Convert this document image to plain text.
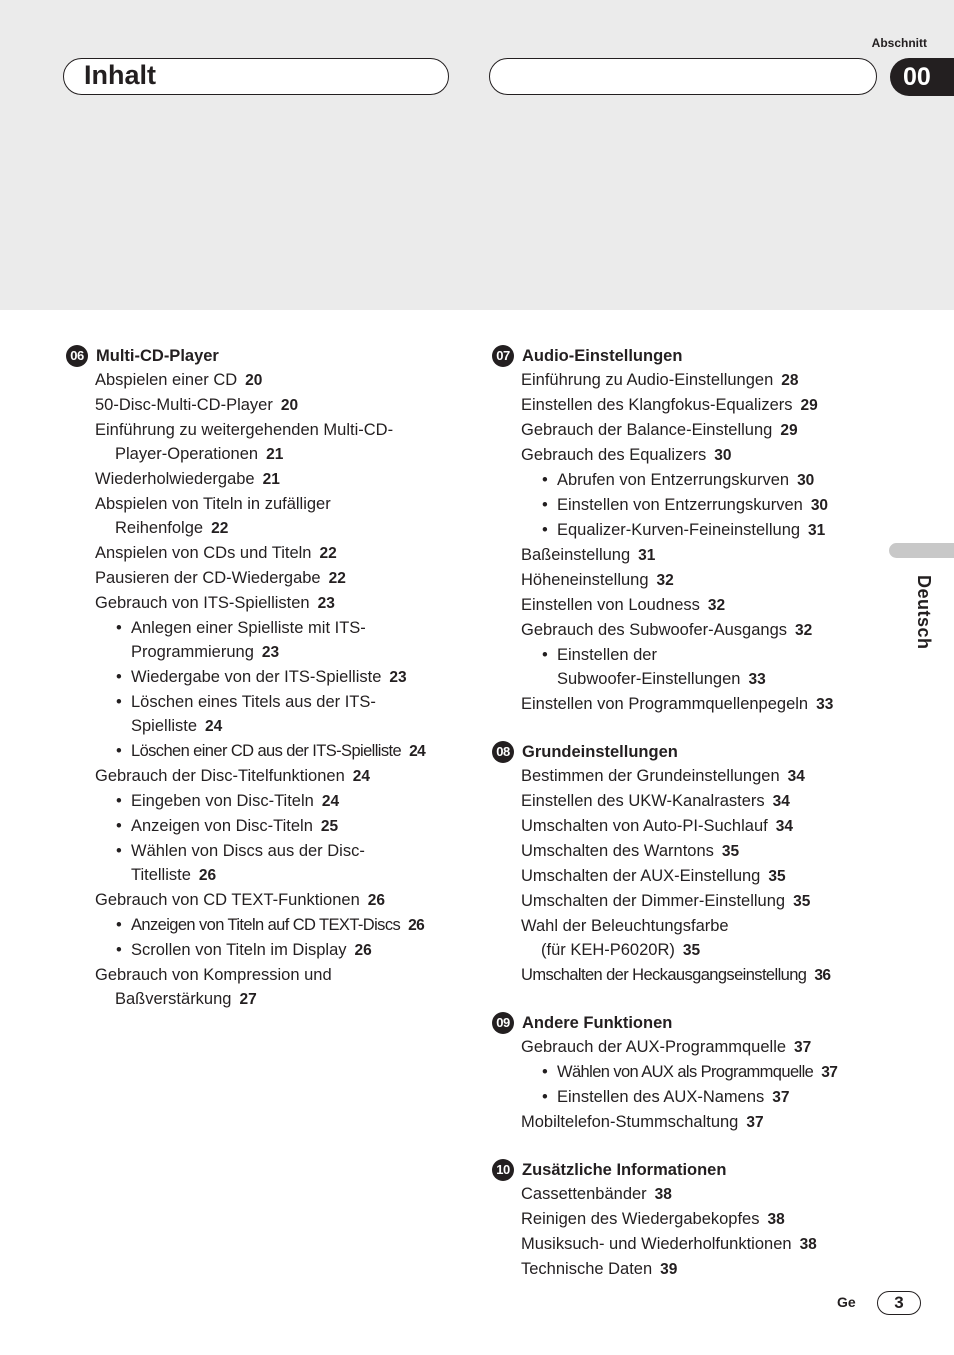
Abschnitt
Inhalt	00
Deutsch
06 Multi-CD-Player
Abspielen einer CD 20
50-Disc-Multi-CD-Player 20
Einführung zu weitergehenden Multi-CD-
Player-Operationen 21
Wiederholwiedergabe 21
Abspielen von Titeln in zufälliger
Reihenfolge 22
Anspielen von CDs und Titeln 22
Pausieren der CD-Wiedergabe 22
Gebrauch von ITS-Spiellisten 23
• Anlegen einer Spielliste mit ITS-
Programmierung 23
• Wiedergabe von der ITS-Spielliste 23
• Löschen eines Titels aus der ITS-
Spielliste 24
• Löschen einer CD aus der ITS-Spielliste 24
Gebrauch der Disc-Titelfunktionen 24
• Eingeben von Disc-Titeln 24
• Anzeigen von Disc-Titeln 25
• Wählen von Discs aus der Disc-
Titelliste 26
Gebrauch von CD TEXT-Funktionen 26
• Anzeigen von Titeln auf CD TEXT-Discs 26
• Scrollen von Titeln im Display 26
Gebrauch von Kompression und
Baßverstärkung 27
07 Audio-Einstellungen
Einführung zu Audio-Einstellungen 28
Einstellen des Klangfokus-Equalizers 29
Gebrauch der Balance-Einstellung 29
Gebrauch des Equalizers 30
• Abrufen von Entzerrungskurven 30
• Einstellen von Entzerrungskurven 30
• Equalizer-Kurven-Feineinstellung 31
Baßeinstellung 31
Höheneinstellung 32
Einstellen von Loudness 32
Gebrauch des Subwoofer-Ausgangs 32
• Einstellen der
Subwoofer-Einstellungen 33
Einstellen von Programmquellenpegeln 33
08 Grundeinstellungen
Bestimmen der Grundeinstellungen 34
Einstellen des UKW-Kanalrasters 34
Umschalten von Auto-PI-Suchlauf 34
Umschalten des Warntons 35
Umschalten der AUX-Einstellung 35
Umschalten der Dimmer-Einstellung 35
Wahl der Beleuchtungsfarbe
(für KEH-P6020R) 35
Umschalten der Heckausgangseinstellung 36
09 Andere Funktionen
Gebrauch der AUX-Programmquelle 37
• Wählen von AUX als Programmquelle 37
• Einstellen des AUX-Namens 37
Mobiltelefon-Stummschaltung 37
10 Zusätzliche Informationen
Cassettenbänder 38
Reinigen des Wiedergabekopfes 38
Musiksuch- und Wiederholfunktionen 38
Technische Daten 39
Ge	3
